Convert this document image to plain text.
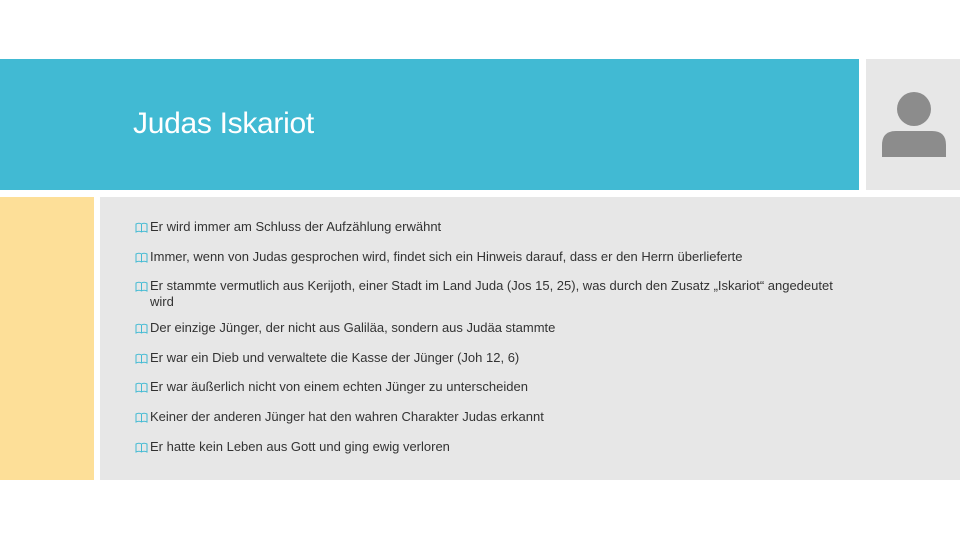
Judas Iskariot
Er wird immer am Schluss der Aufzählung erwähnt
Immer, wenn von Judas gesprochen wird, findet sich ein Hinweis darauf, dass er den Herrn überlieferte
Er stammte vermutlich aus Kerijoth, einer Stadt im Land Juda (Jos 15, 25), was durch den Zusatz „Iskariot“ angedeutet wird
Der einzige Jünger, der nicht aus Galiläa, sondern aus Judäa stammte
Er war ein Dieb und verwaltete die Kasse der Jünger (Joh 12, 6)
Er war äußerlich nicht von einem echten Jünger zu unterscheiden
Keiner der anderen Jünger hat den wahren Charakter Judas erkannt
Er hatte kein Leben aus Gott und ging ewig verloren
